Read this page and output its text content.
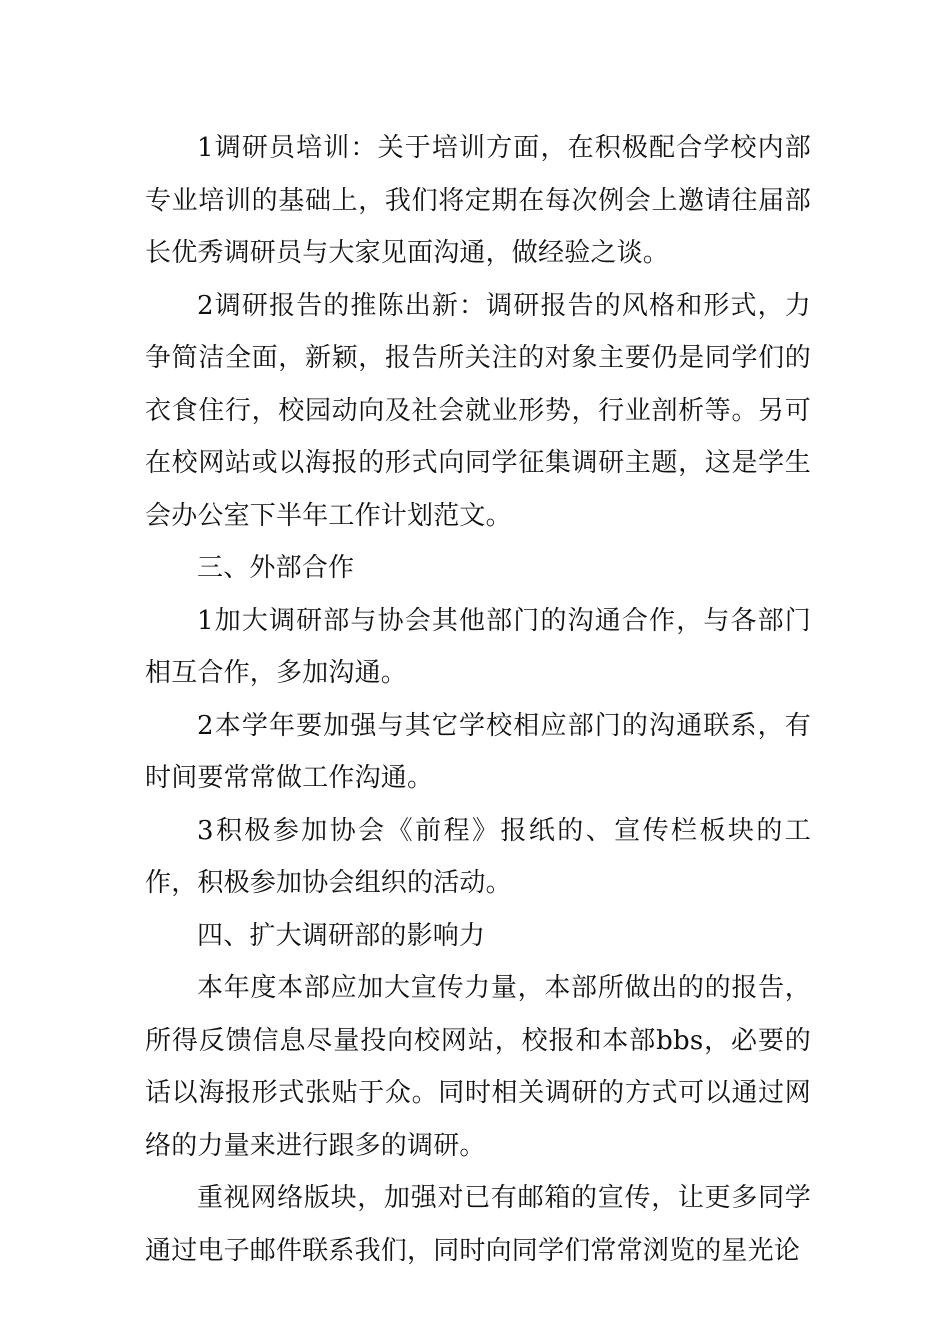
1调研员培训：关于培训方面，在积极配合学校内部专业培训的基础上，我们将定期在每次例会上邀请往届部长优秀调研员与大家见面沟通，做经验之谈。

2调研报告的推陈出新：调研报告的风格和形式，力争简洁全面，新颖，报告所关注的对象主要仍是同学们的衣食住行，校园动向及社会就业形势，行业剖析等。另可在校网站或以海报的形式向同学征集调研主题，这是学生会办公室下半年工作计划范文。

三、外部合作

1加大调研部与协会其他部门的沟通合作，与各部门相互合作，多加沟通。

2本学年要加强与其它学校相应部门的沟通联系，有时间要常常做工作沟通。

3积极参加协会《前程》报纸的、宣传栏板块的工作，积极参加协会组织的活动。

四、扩大调研部的影响力

本年度本部应加大宣传力量，本部所做出的的报告，所得反馈信息尽量投向校网站，校报和本部bbs，必要的话以海报形式张贴于众。同时相关调研的方式可以通过网络的力量来进行跟多的调研。

重视网络版块，加强对已有邮箱的宣传，让更多同学通过电子邮件联系我们，同时向同学们常常浏览的星光论
